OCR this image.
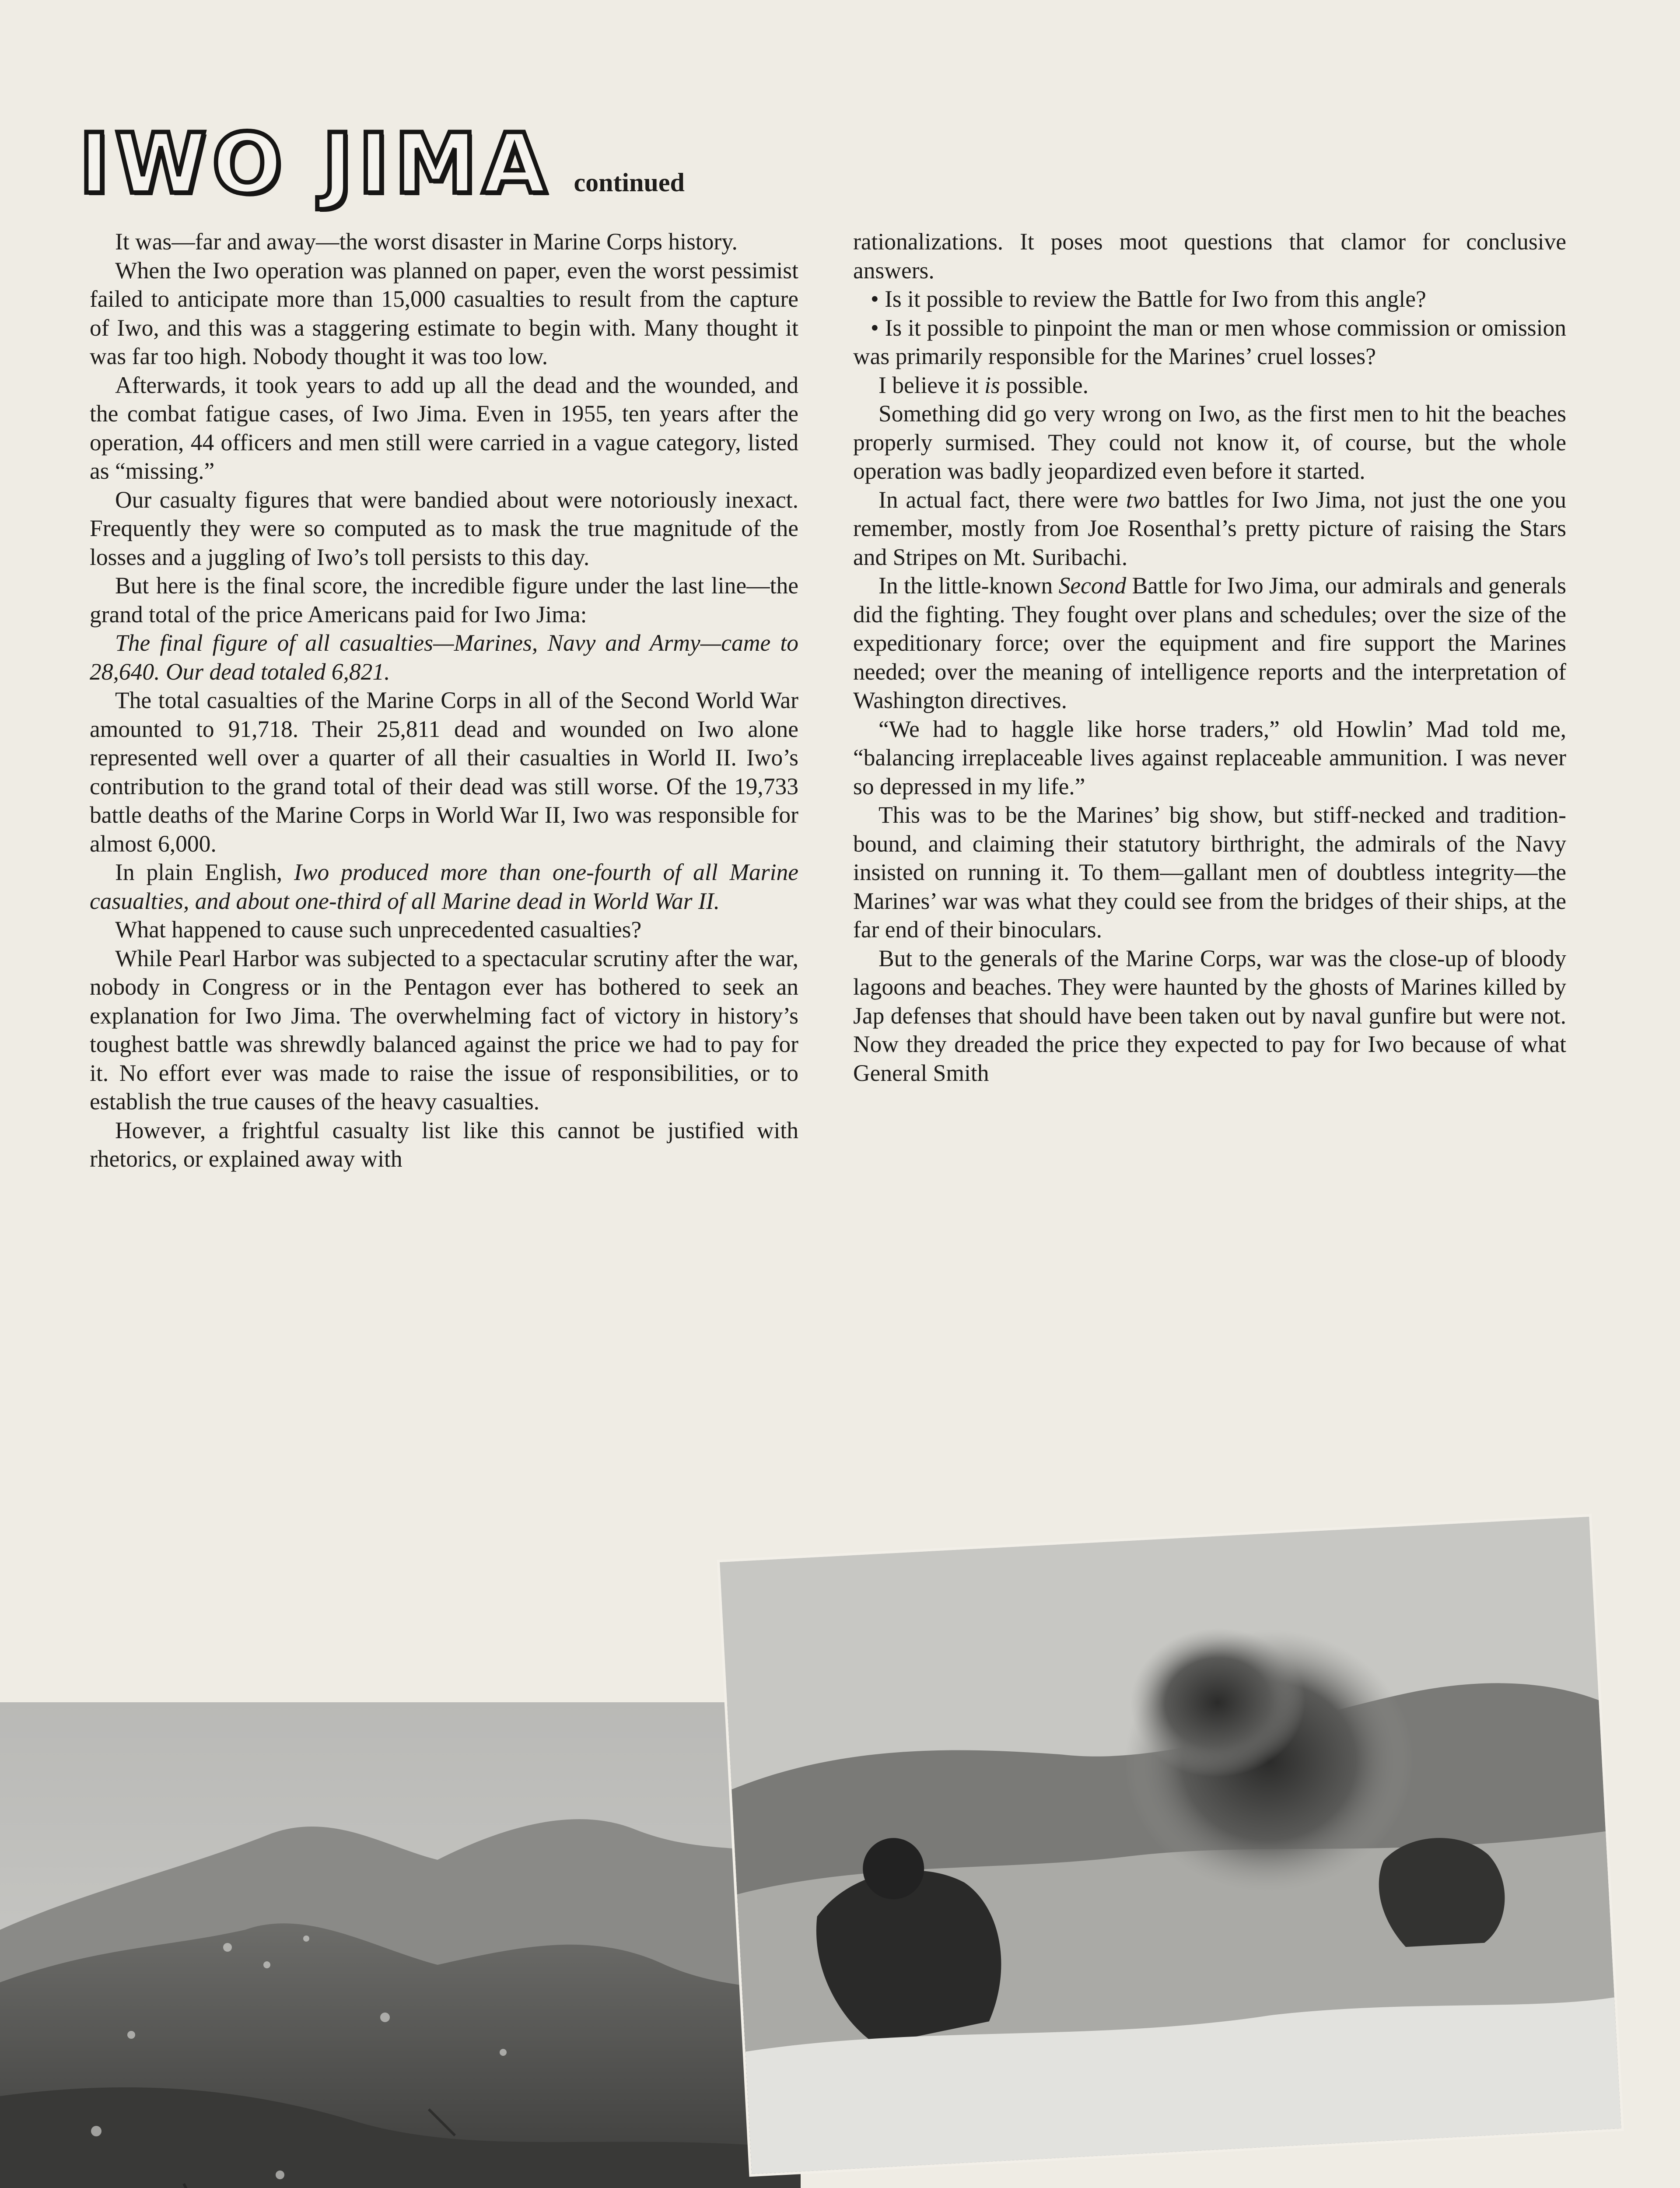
IWO JIMA continued

It was—far and away—the worst disaster in Marine Corps history.

When the Iwo operation was planned on paper, even the worst pessimist failed to anticipate more than 15,000 casualties to result from the capture of Iwo, and this was a staggering estimate to begin with. Many thought it was far too high. Nobody thought it was too low.

Afterwards, it took years to add up all the dead and the wounded, and the combat fatigue cases, of Iwo Jima. Even in 1955, ten years after the operation, 44 officers and men still were carried in a vague category, listed as “missing.”

Our casualty figures that were bandied about were notoriously inexact. Frequently they were so computed as to mask the true magnitude of the losses and a juggling of Iwo’s toll persists to this day.

But here is the final score, the incredible figure under the last line—the grand total of the price Americans paid for Iwo Jima:

The final figure of all casualties—Marines, Navy and Army—came to 28,640. Our dead totaled 6,821.

The total casualties of the Marine Corps in all of the Second World War amounted to 91,718. Their 25,811 dead and wounded on Iwo alone represented well over a quarter of all their casualties in World II. Iwo’s contribution to the grand total of their dead was still worse. Of the 19,733 battle deaths of the Marine Corps in World War II, Iwo was responsible for almost 6,000.

In plain English, Iwo produced more than one-fourth of all Marine casualties, and about one-third of all Marine dead in World War II.

What happened to cause such unprecedented casualties?

While Pearl Harbor was subjected to a spectacular scrutiny after the war, nobody in Congress or in the Pentagon ever has bothered to seek an explanation for Iwo Jima. The overwhelming fact of victory in history’s toughest battle was shrewdly balanced against the price we had to pay for it. No effort ever was made to raise the issue of responsibilities, or to establish the true causes of the heavy casualties.

However, a frightful casualty list like this cannot be justified with rhetorics, or explained away with

rationalizations. It poses moot questions that clamor for conclusive answers.

• Is it possible to review the Battle for Iwo from this angle?

• Is it possible to pinpoint the man or men whose commission or omission was primarily responsible for the Marines’ cruel losses?

I believe it is possible.

Something did go very wrong on Iwo, as the first men to hit the beaches properly surmised. They could not know it, of course, but the whole operation was badly jeopardized even before it started.

In actual fact, there were two battles for Iwo Jima, not just the one you remember, mostly from Joe Rosenthal’s pretty picture of raising the Stars and Stripes on Mt. Suribachi.

In the little-known Second Battle for Iwo Jima, our admirals and generals did the fighting. They fought over plans and schedules; over the size of the expeditionary force; over the equipment and fire support the Marines needed; over the meaning of intelligence reports and the interpretation of Washington directives.

“We had to haggle like horse traders,” old Howlin’ Mad told me, “balancing irreplaceable lives against replaceable ammunition. I was never so depressed in my life.”

This was to be the Marines’ big show, but stiff-necked and tradition-bound, and claiming their statutory birthright, the admirals of the Navy insisted on running it. To them—gallant men of doubtless integrity—the Marines’ war was what they could see from the bridges of their ships, at the far end of their binoculars.

But to the generals of the Marine Corps, war was the close-up of bloody lagoons and beaches. They were haunted by the ghosts of Marines killed by Jap defenses that should have been taken out by naval gunfire but were not. Now they dreaded the price they expected to pay for Iwo because of what General Smith
